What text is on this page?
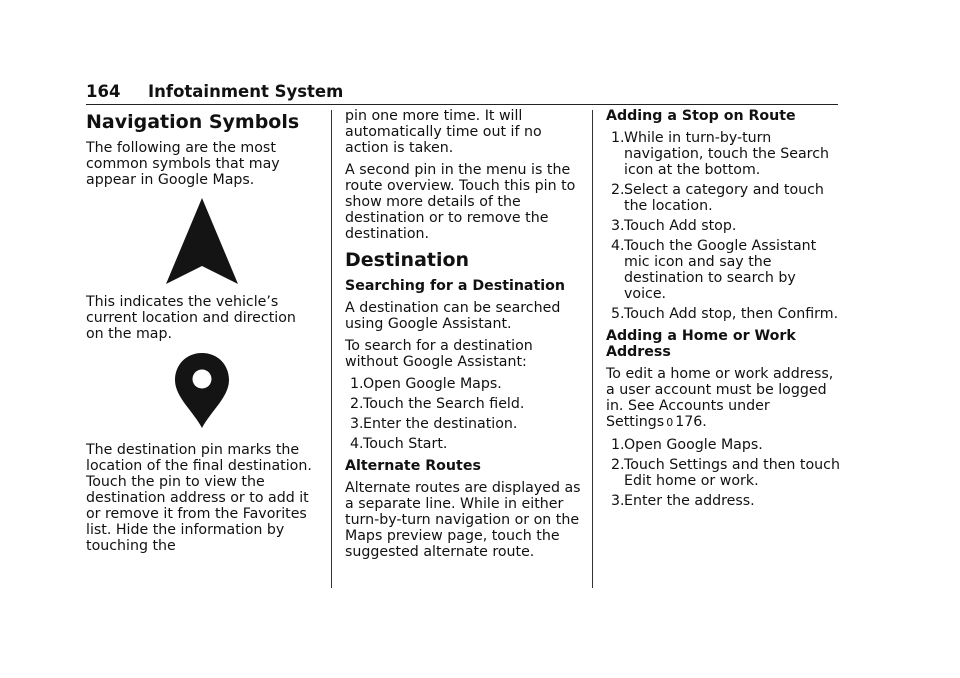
164 Infotainment System
Navigation Symbols

The following are the most common symbols that may appear in Google Maps.

This indicates the vehicle’s current location and direction on the map.

The destination pin marks the location of the final destination. Touch the pin to view the destination address or to add it or remove it from the Favorites list. Hide the information by touching the

pin one more time. It will automatically time out if no action is taken.

A second pin in the menu is the route overview. Touch this pin to show more details of the destination or to remove the destination.

Destination
Searching for a Destination

A destination can be searched using Google Assistant.

To search for a destination without Google Assistant:

1. Open Google Maps.
2. Touch the Search field.
3. Enter the destination.
4. Touch Start.
Alternate Routes

Alternate routes are displayed as a separate line. While in either turn-by-turn navigation or on the Maps preview page, touch the suggested alternate route.

Adding a Stop on Route
1. While in turn-by-turn navigation, touch the Search icon at the bottom.
2. Select a category and touch the location.
3. Touch Add stop.
4. Touch the Google Assistant mic icon and say the destination to search by voice.
5. Touch Add stop, then Confirm.
Adding a Home or Work Address

To edit a home or work address, a user account must be logged in. See Accounts under Settings 0 176.

1. Open Google Maps.
2. Touch Settings and then touch Edit home or work.
3. Enter the address.
